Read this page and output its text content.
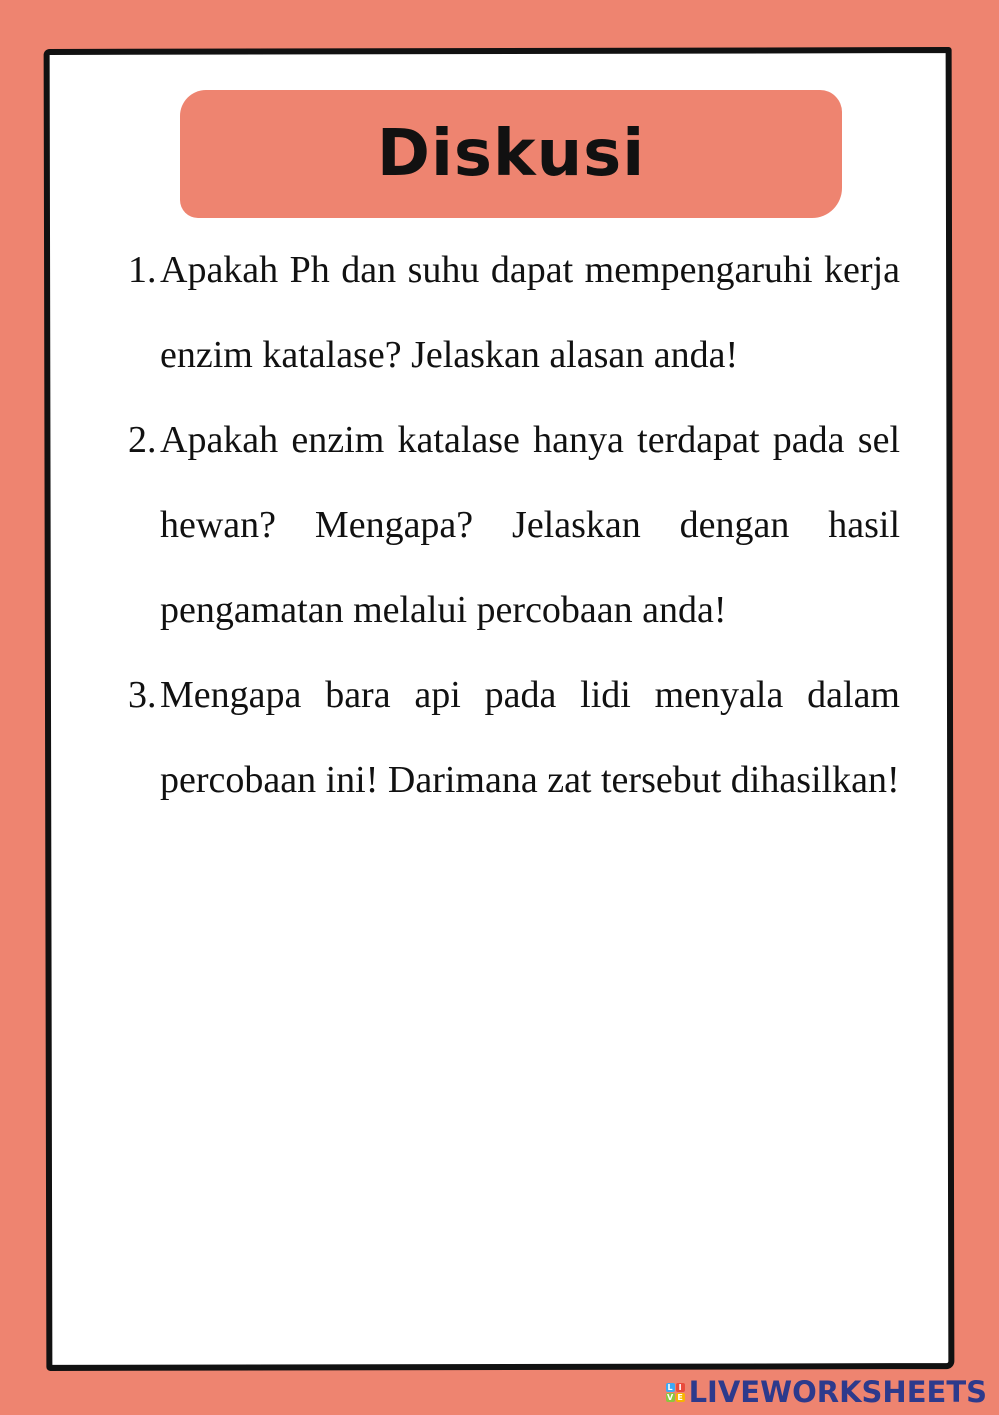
Diskusi
1. Apakah Ph dan suhu dapat mempengaruhi kerja enzim katalase? Jelaskan alasan anda!
2. Apakah enzim katalase hanya terdapat pada sel hewan? Mengapa? Jelaskan dengan hasil pengamatan melalui percobaan anda!
3. Mengapa bara api pada lidi menyala dalam percobaan ini! Darimana zat tersebut dihasilkan!
L I
V E LIVEWORKSHEETS
